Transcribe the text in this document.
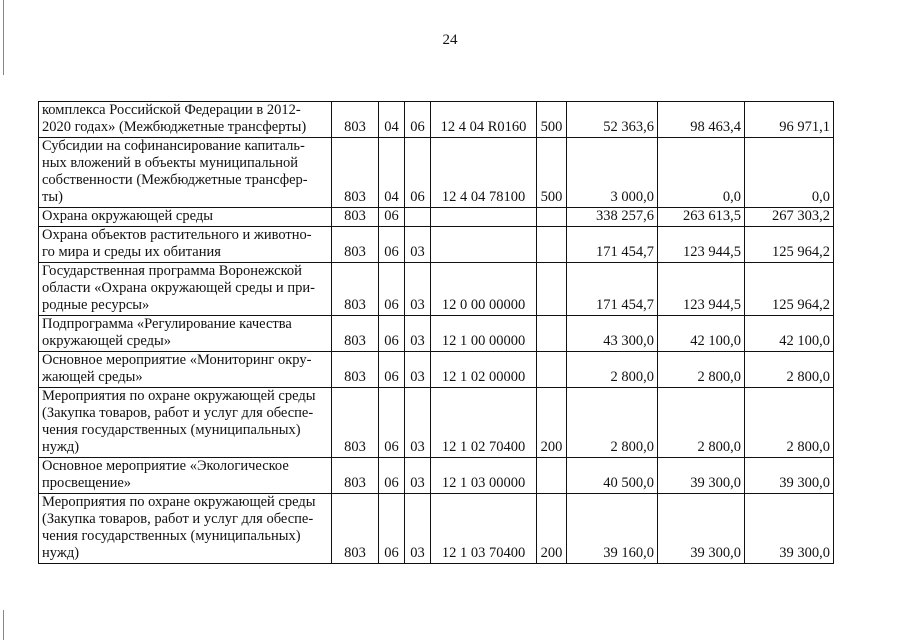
24
комплекса Российской Федерации в 2012-
2020 годах» (Межбюджетные трансферты)	803	04	06	12 4 04 R0160	500	52 363,6	98 463,4	96 971,1

Субсидии на софинансирование капиталь-
ных вложений в объекты муниципальной
собственности (Межбюджетные трансфер-
ты)	803	04	06	12 4 04 78100	500	3 000,0	0,0	0,0

Охрана окружающей среды	803	06				338 257,6	263 613,5	267 303,2

Охрана объектов растительного и животно-
го мира и среды их обитания	803	06	03			171 454,7	123 944,5	125 964,2

Государственная программа Воронежской
области «Охрана окружающей среды и при-
родные ресурсы»	803	06	03	12 0 00 00000		171 454,7	123 944,5	125 964,2

Подпрограмма «Регулирование качества
окружающей среды»	803	06	03	12 1 00 00000		43 300,0	42 100,0	42 100,0

Основное мероприятие «Мониторинг окру-
жающей среды»	803	06	03	12 1 02 00000		2 800,0	2 800,0	2 800,0

Мероприятия по охране окружающей среды
(Закупка товаров, работ и услуг для обеспе-
чения государственных (муниципальных)
нужд)	803	06	03	12 1 02 70400	200	2 800,0	2 800,0	2 800,0

Основное мероприятие «Экологическое
просвещение»	803	06	03	12 1 03 00000		40 500,0	39 300,0	39 300,0

Мероприятия по охране окружающей среды
(Закупка товаров, работ и услуг для обеспе-
чения государственных (муниципальных)
нужд)	803	06	03	12 1 03 70400	200	39 160,0	39 300,0	39 300,0
